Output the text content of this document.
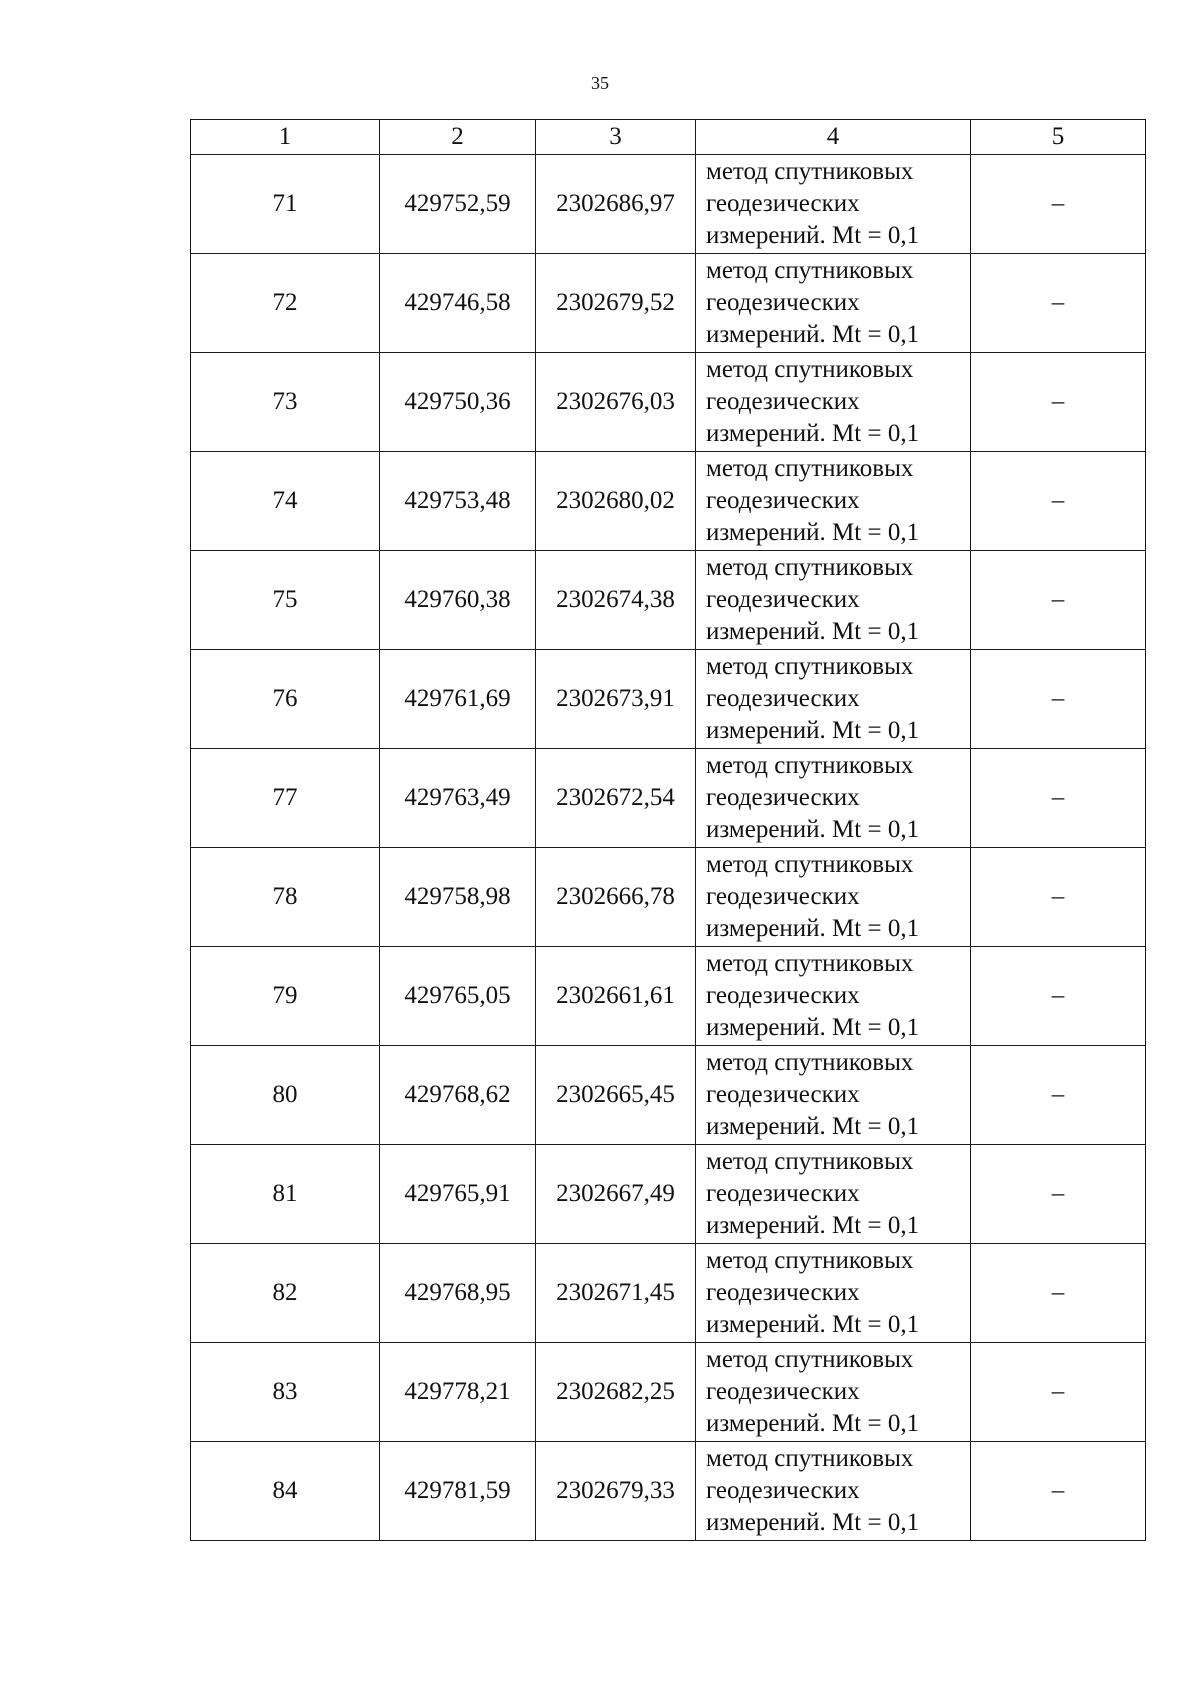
35
1	2	3	4	5
71	429752,59	2302686,97	метод спутниковых
геодезических
измерений. Mt = 0,1	–
72	429746,58	2302679,52	метод спутниковых
геодезических
измерений. Mt = 0,1	–
73	429750,36	2302676,03	метод спутниковых
геодезических
измерений. Mt = 0,1	–
74	429753,48	2302680,02	метод спутниковых
геодезических
измерений. Mt = 0,1	–
75	429760,38	2302674,38	метод спутниковых
геодезических
измерений. Mt = 0,1	–
76	429761,69	2302673,91	метод спутниковых
геодезических
измерений. Mt = 0,1	–
77	429763,49	2302672,54	метод спутниковых
геодезических
измерений. Mt = 0,1	–
78	429758,98	2302666,78	метод спутниковых
геодезических
измерений. Mt = 0,1	–
79	429765,05	2302661,61	метод спутниковых
геодезических
измерений. Mt = 0,1	–
80	429768,62	2302665,45	метод спутниковых
геодезических
измерений. Mt = 0,1	–
81	429765,91	2302667,49	метод спутниковых
геодезических
измерений. Mt = 0,1	–
82	429768,95	2302671,45	метод спутниковых
геодезических
измерений. Mt = 0,1	–
83	429778,21	2302682,25	метод спутниковых
геодезических
измерений. Mt = 0,1	–
84	429781,59	2302679,33	метод спутниковых
геодезических
измерений. Mt = 0,1	–
